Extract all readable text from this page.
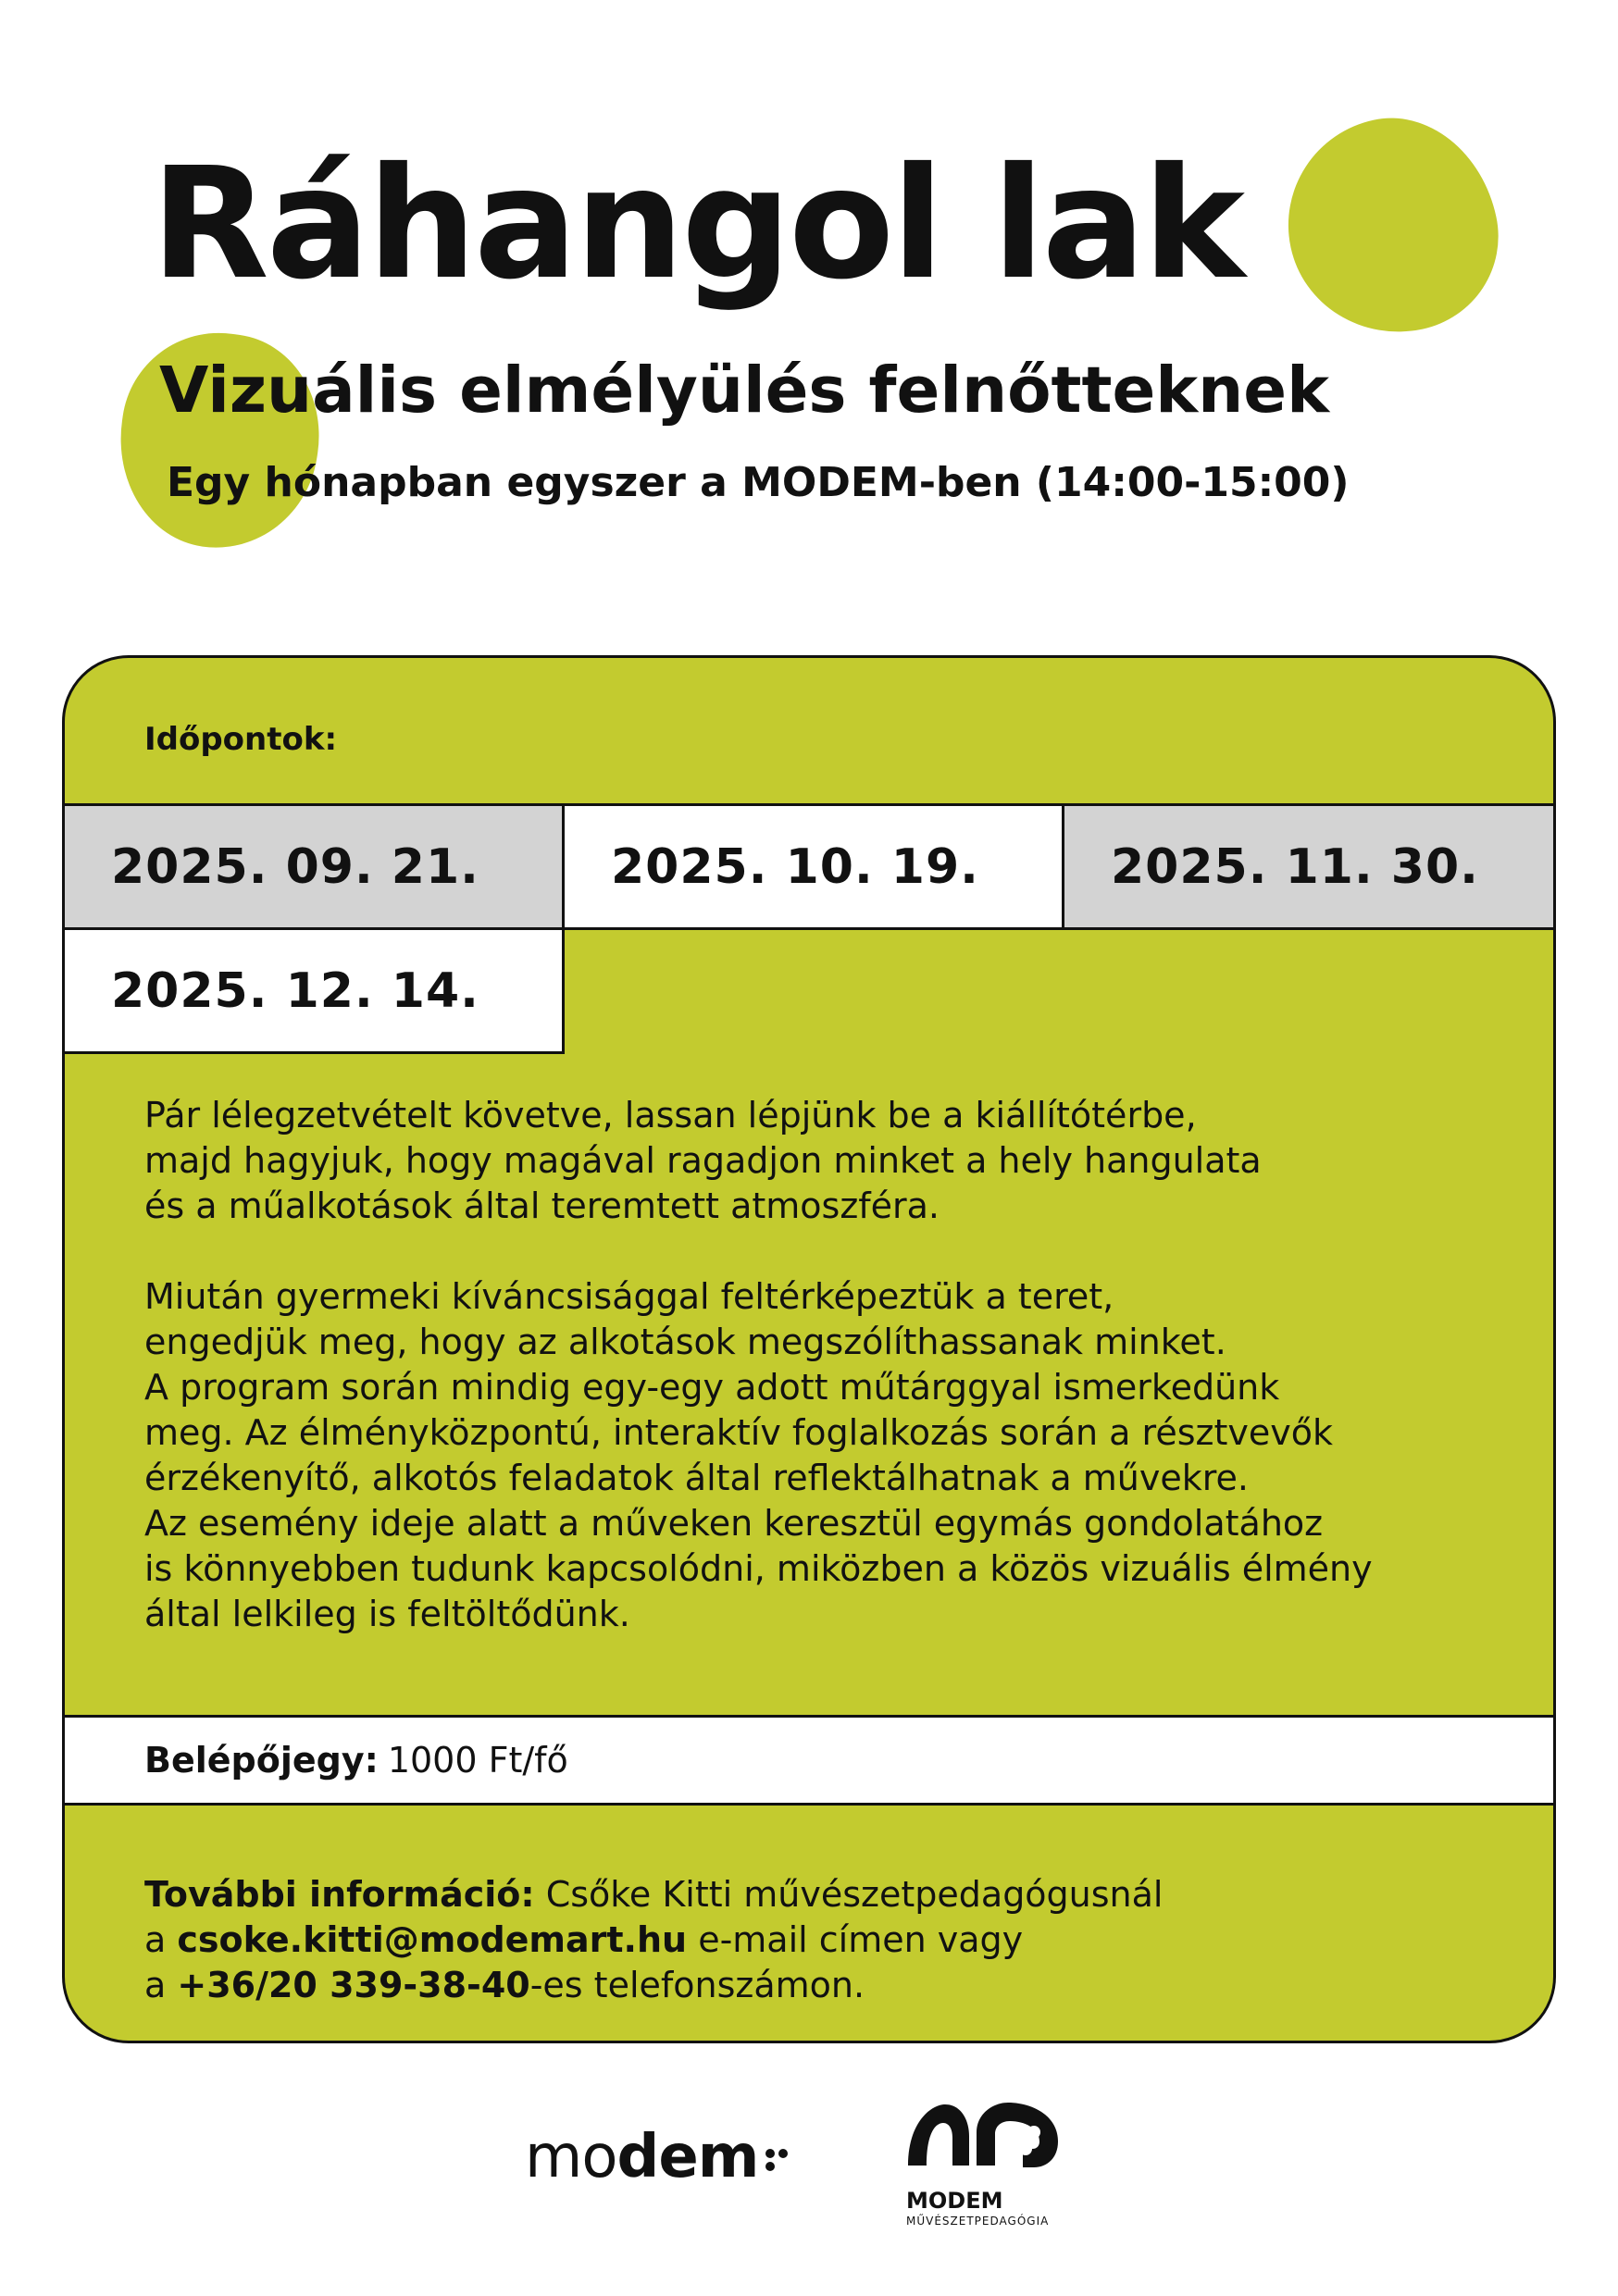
Ráhangol lak
Vizuális elmélyülés felnőtteknek
Egy hónapban egyszer a MODEM-ben (14:00-15:00)
Időpontok:
2025. 09. 21.	2025. 10. 19.	2025. 11. 30.
2025. 12. 14.

Pár lélegzetvételt követve, lassan lépjünk be a kiállítótérbe,
majd hagyjuk, hogy magával ragadjon minket a hely hangulata
és a műalkotások által teremtett atmoszféra.

Miután gyermeki kíváncsisággal feltérképeztük a teret,
engedjük meg, hogy az alkotások megszólíthassanak minket.
A program során mindig egy-egy adott műtárggyal ismerkedünk
meg. Az élményközpontú, interaktív foglalkozás során a résztvevők
érzékenyítő, alkotós feladatok által reflektálhatnak a művekre.
Az esemény ideje alatt a műveken keresztül egymás gondolatához
is könnyebben tudunk kapcsolódni, miközben a közös vizuális élmény
által lelkileg is feltöltődünk.

Belépőjegy: 1000 Ft/fő
További információ: Csőke Kitti művészetpedagógusnál
a csoke.kitti@modemart.hu e-mail címen vagy
a +36/20 339-38-40-es telefonszámon.
modem
MODEM
MŰVÉSZETPEDAGÓGIA
